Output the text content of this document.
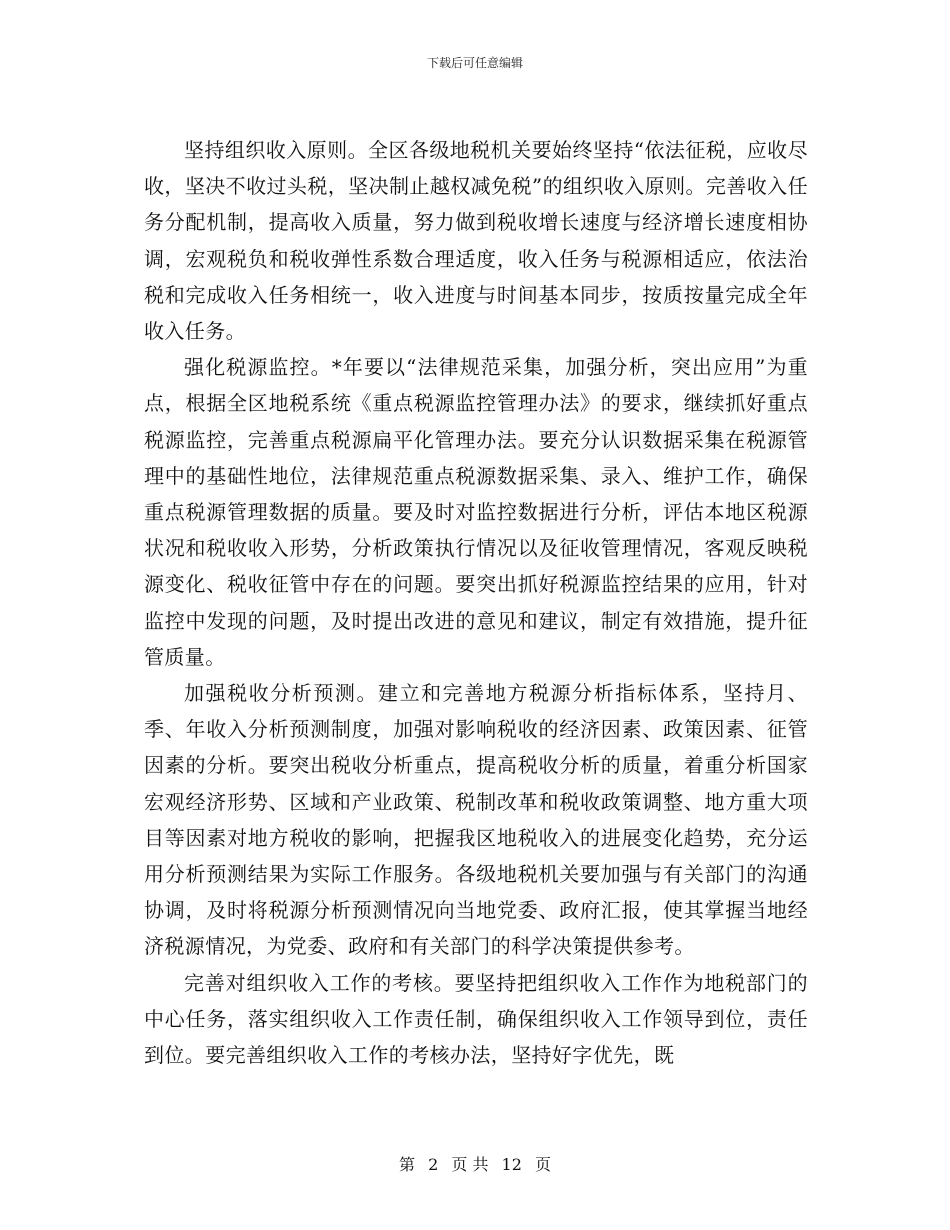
下载后可任意编辑

坚持组织收入原则。全区各级地税机关要始终坚持“依法征税，应收尽收，坚决不收过头税，坚决制止越权减免税”的组织收入原则。完善收入任务分配机制，提高收入质量，努力做到税收增长速度与经济增长速度相协调，宏观税负和税收弹性系数合理适度，收入任务与税源相适应，依法治税和完成收入任务相统一，收入进度与时间基本同步，按质按量完成全年收入任务。

强化税源监控。*年要以“法律规范采集，加强分析，突出应用”为重点，根据全区地税系统《重点税源监控管理办法》的要求，继续抓好重点税源监控，完善重点税源扁平化管理办法。要充分认识数据采集在税源管理中的基础性地位，法律规范重点税源数据采集、录入、维护工作，确保重点税源管理数据的质量。要及时对监控数据进行分析，评估本地区税源状况和税收收入形势，分析政策执行情况以及征收管理情况，客观反映税源变化、税收征管中存在的问题。要突出抓好税源监控结果的应用，针对监控中发现的问题，及时提出改进的意见和建议，制定有效措施，提升征管质量。

加强税收分析预测。建立和完善地方税源分析指标体系，坚持月、季、年收入分析预测制度，加强对影响税收的经济因素、政策因素、征管因素的分析。要突出税收分析重点，提高税收分析的质量，着重分析国家宏观经济形势、区域和产业政策、税制改革和税收政策调整、地方重大项目等因素对地方税收的影响，把握我区地税收入的进展变化趋势，充分运用分析预测结果为实际工作服务。各级地税机关要加强与有关部门的沟通协调，及时将税源分析预测情况向当地党委、政府汇报，使其掌握当地经济税源情况，为党委、政府和有关部门的科学决策提供参考。

完善对组织收入工作的考核。要坚持把组织收入工作作为地税部门的中心任务，落实组织收入工作责任制，确保组织收入工作领导到位，责任到位。要完善组织收入工作的考核办法，坚持好字优先，既

第 2 页 共 12 页
